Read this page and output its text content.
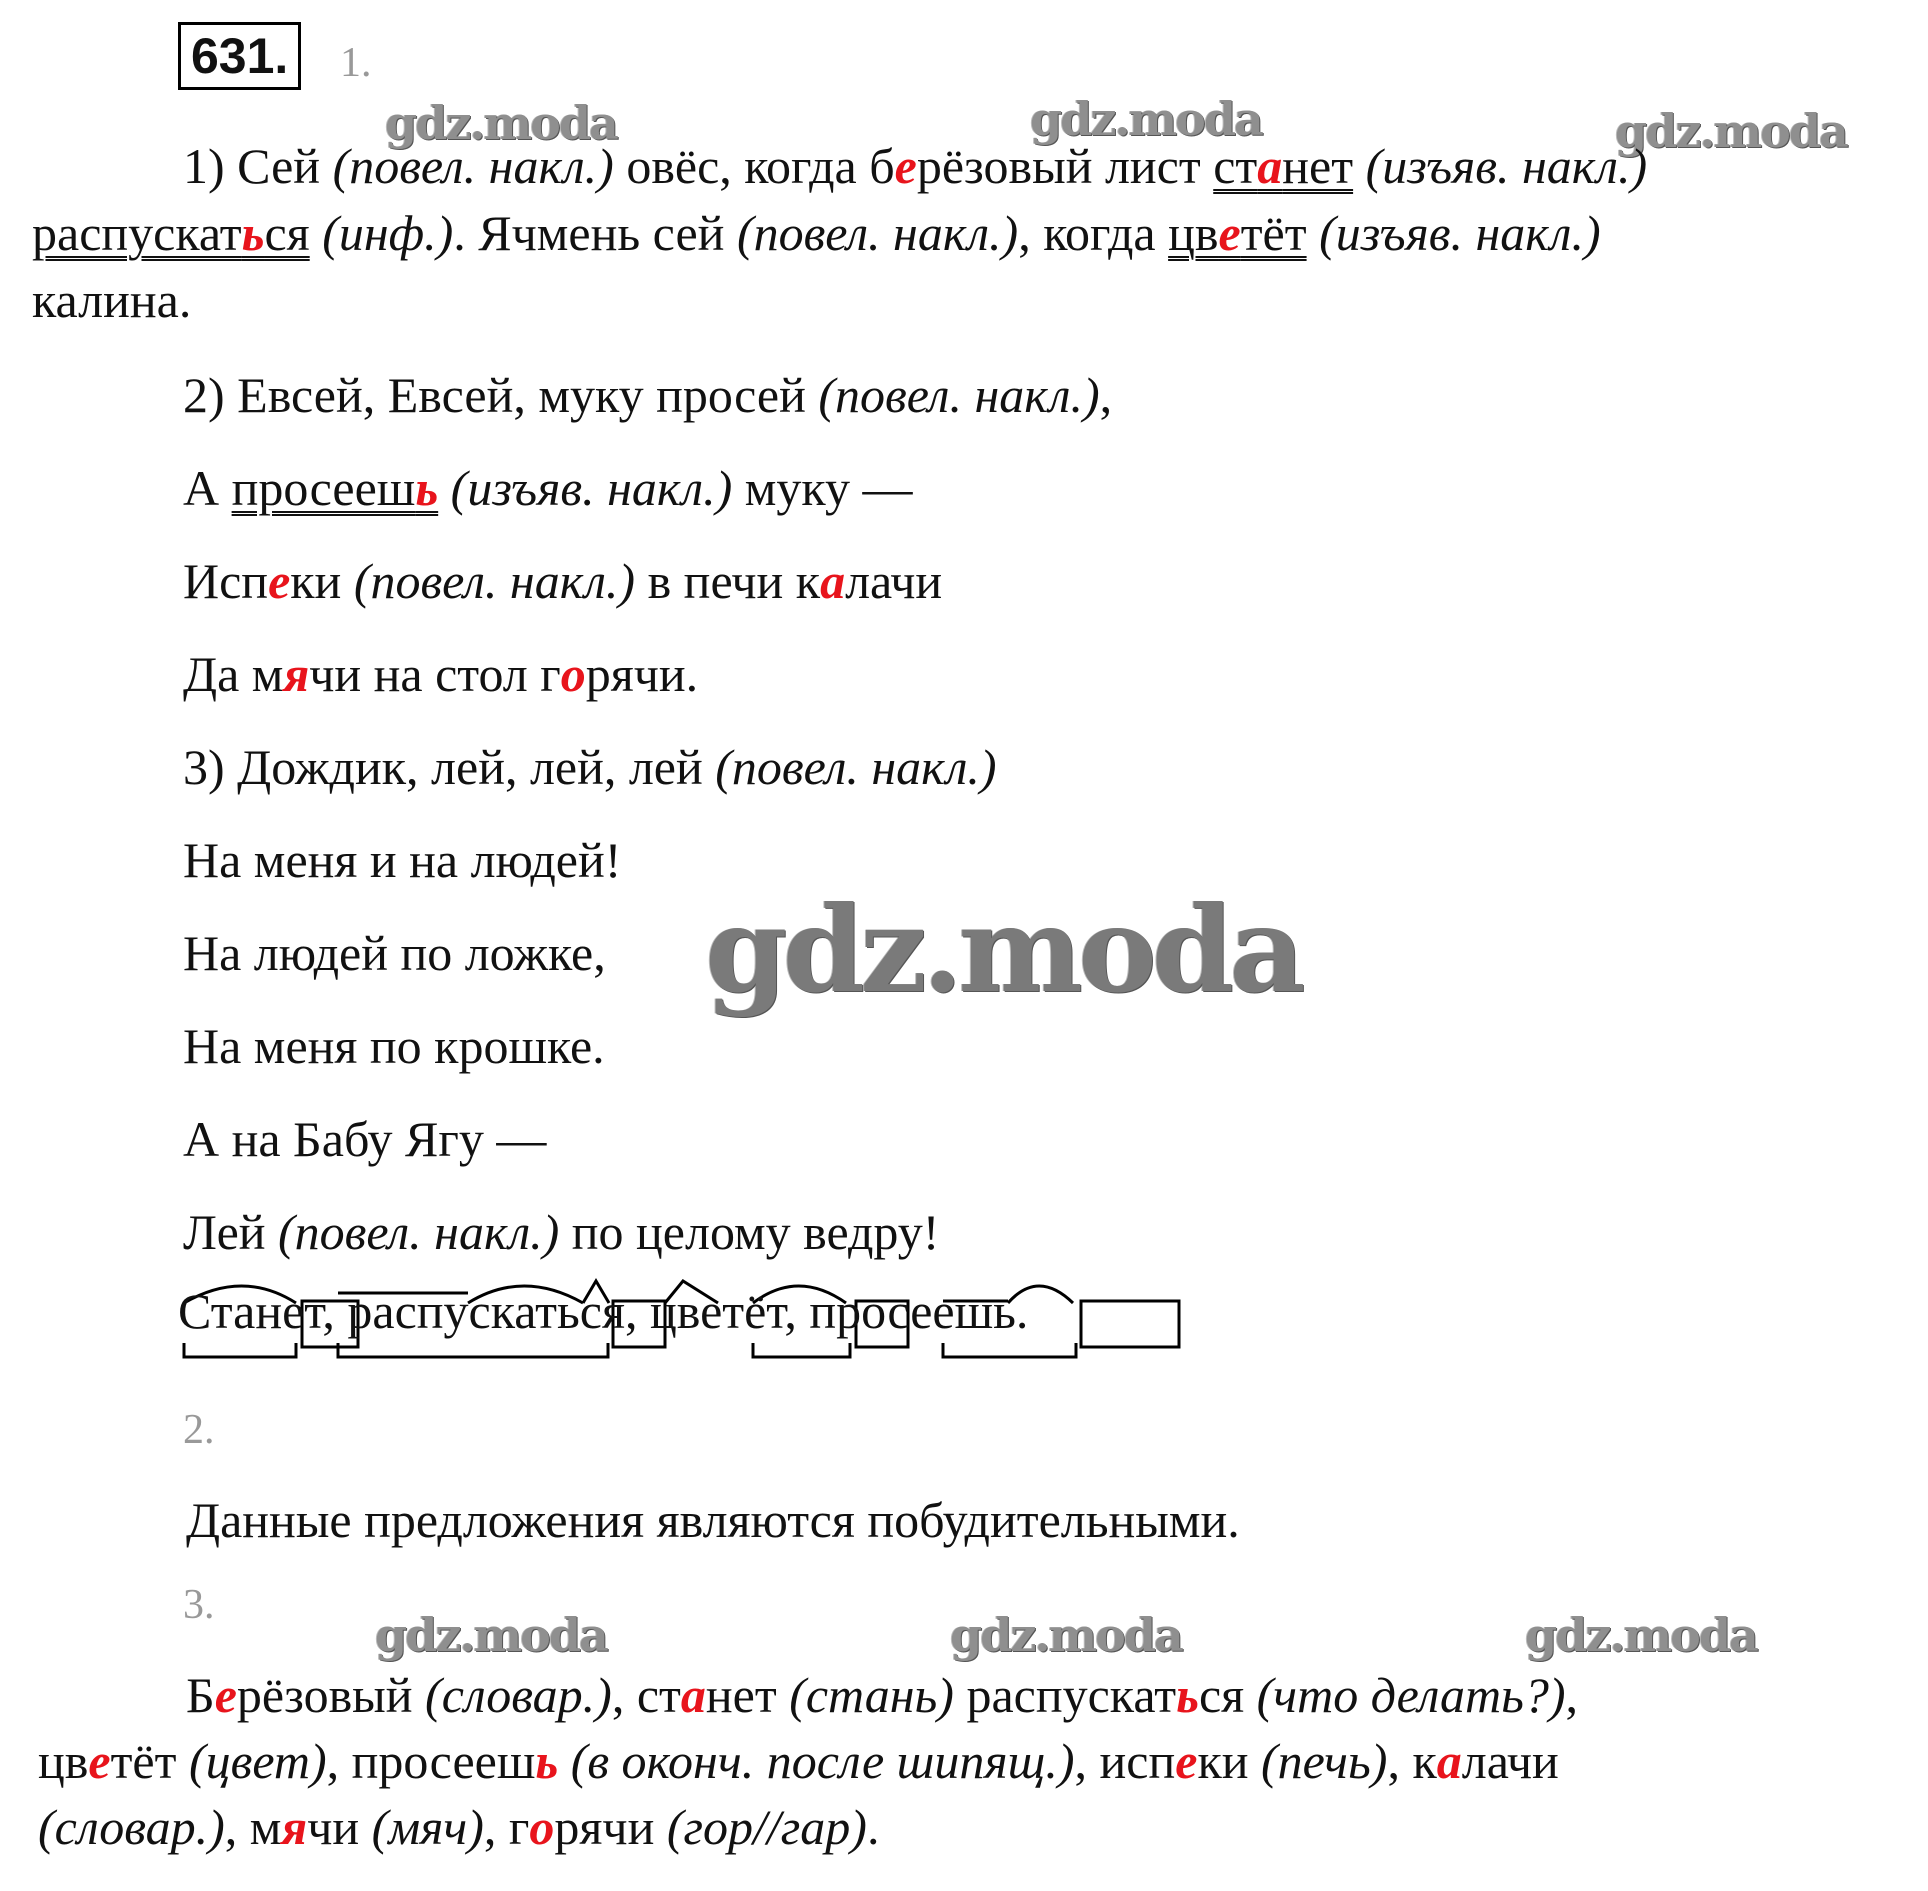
631.	1.
gdz.moda	gdz.moda	gdz.moda
1) Сей (повел. накл.) овёс, когда берёзовый лист станет (изъяв. накл.)
распускаться (инф.). Ячмень сей (повел. накл.), когда цветёт (изъяв. накл.)
калина.
2) Евсей, Евсей, муку просей (повел. накл.),
А просеешь (изъяв. накл.) муку —
Испеки (повел. накл.) в печи калачи
Да мячи на стол горячи.
3) Дождик, лей, лей, лей (повел. накл.)
На меня и на людей!
На людей по ложке, gdz.moda
На меня по крошке.
А на Бабу Ягу —
Лей (повел. накл.) по целому ведру!
Станет, распускаться, цветёт, просеешь.
2.
Данные предложения являются побудительными.
3.
gdz.moda	gdz.moda	gdz.moda
Берёзовый (словар.), станет (стань) распускаться (что делать?),
цветёт (цвет), просеешь (в оконч. после шипящ.), испеки (печь), калачи
(словар.), мячи (мяч), горячи (гор//гар).
